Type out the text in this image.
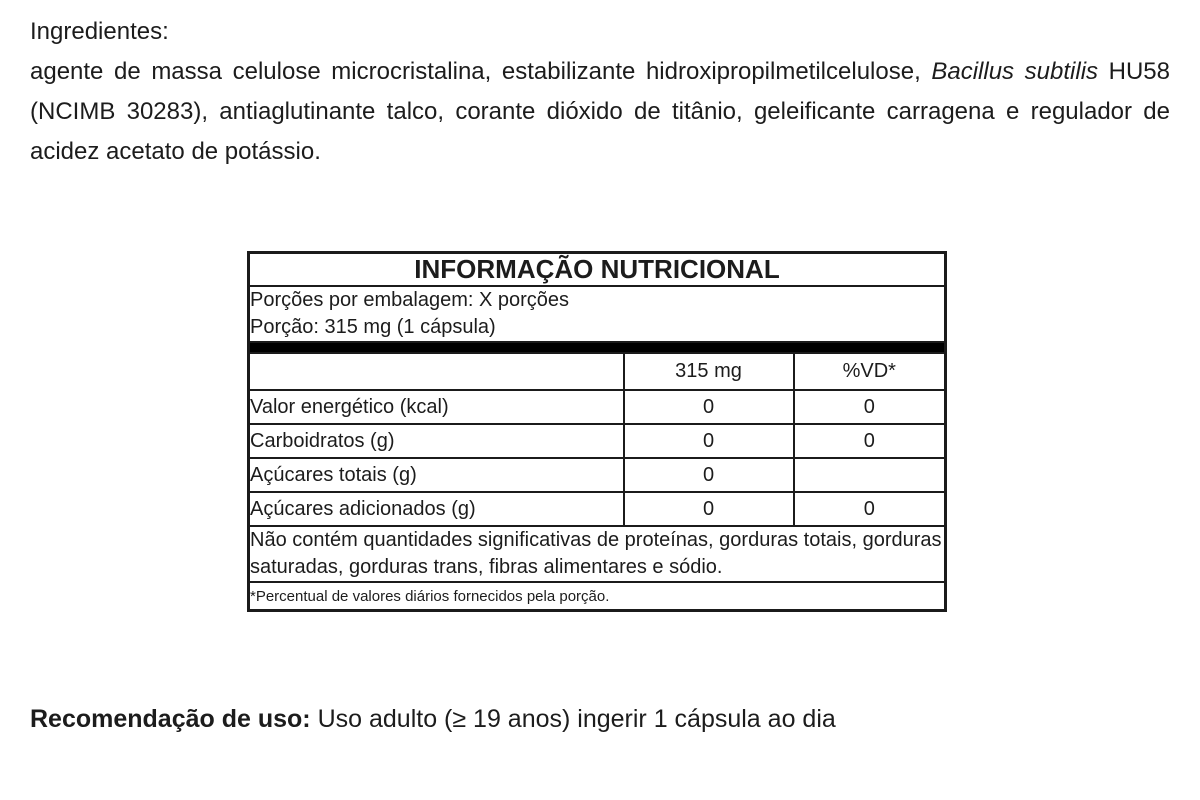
Ingredientes:
agente de massa celulose microcristalina, estabilizante hidroxipropilmetilcelulose, Bacillus subtilis HU58 (NCIMB 30283), antiaglutinante talco, corante dióxido de titânio, geleificante carragena e regulador de acidez acetato de potássio.
INFORMAÇÃO NUTRICIONAL		

Porções por embalagem: X porções
Porção: 315 mg (1 cápsula)		

	315 mg	%VD*
Valor energético (kcal)	0	0
Carboidratos (g)	0	0
Açúcares totais (g)	0	
Açúcares adicionados (g)	0	0
Não contém quantidades significativas de proteínas, gorduras totais, gorduras saturadas, gorduras trans, fibras alimentares e sódio.		
*Percentual de valores diários fornecidos pela porção.		
Recomendação de uso: Uso adulto (≥ 19 anos) ingerir 1 cápsula ao dia
